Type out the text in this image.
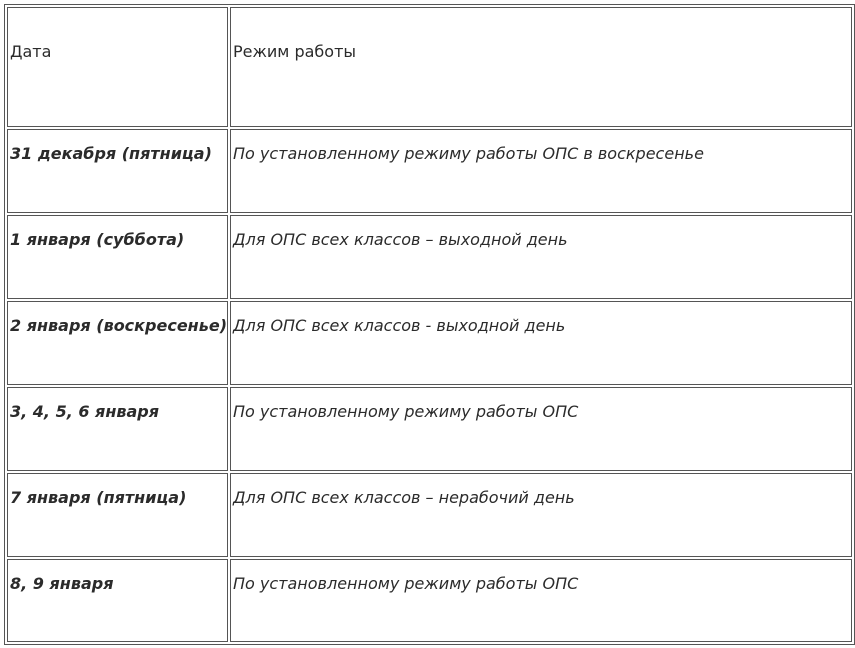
Дата	Режим работы

31 декабря (пятница)	По установленному режиму работы ОПС в воскресенье

1 января (суббота)	Для ОПС всех классов – выходной день

2 января (воскресенье)	Для ОПС всех классов - выходной день

3, 4, 5, 6 января	По установленному режиму работы ОПС

7 января (пятница)	Для ОПС всех классов – нерабочий день

8, 9 января	По установленному режиму работы ОПС
